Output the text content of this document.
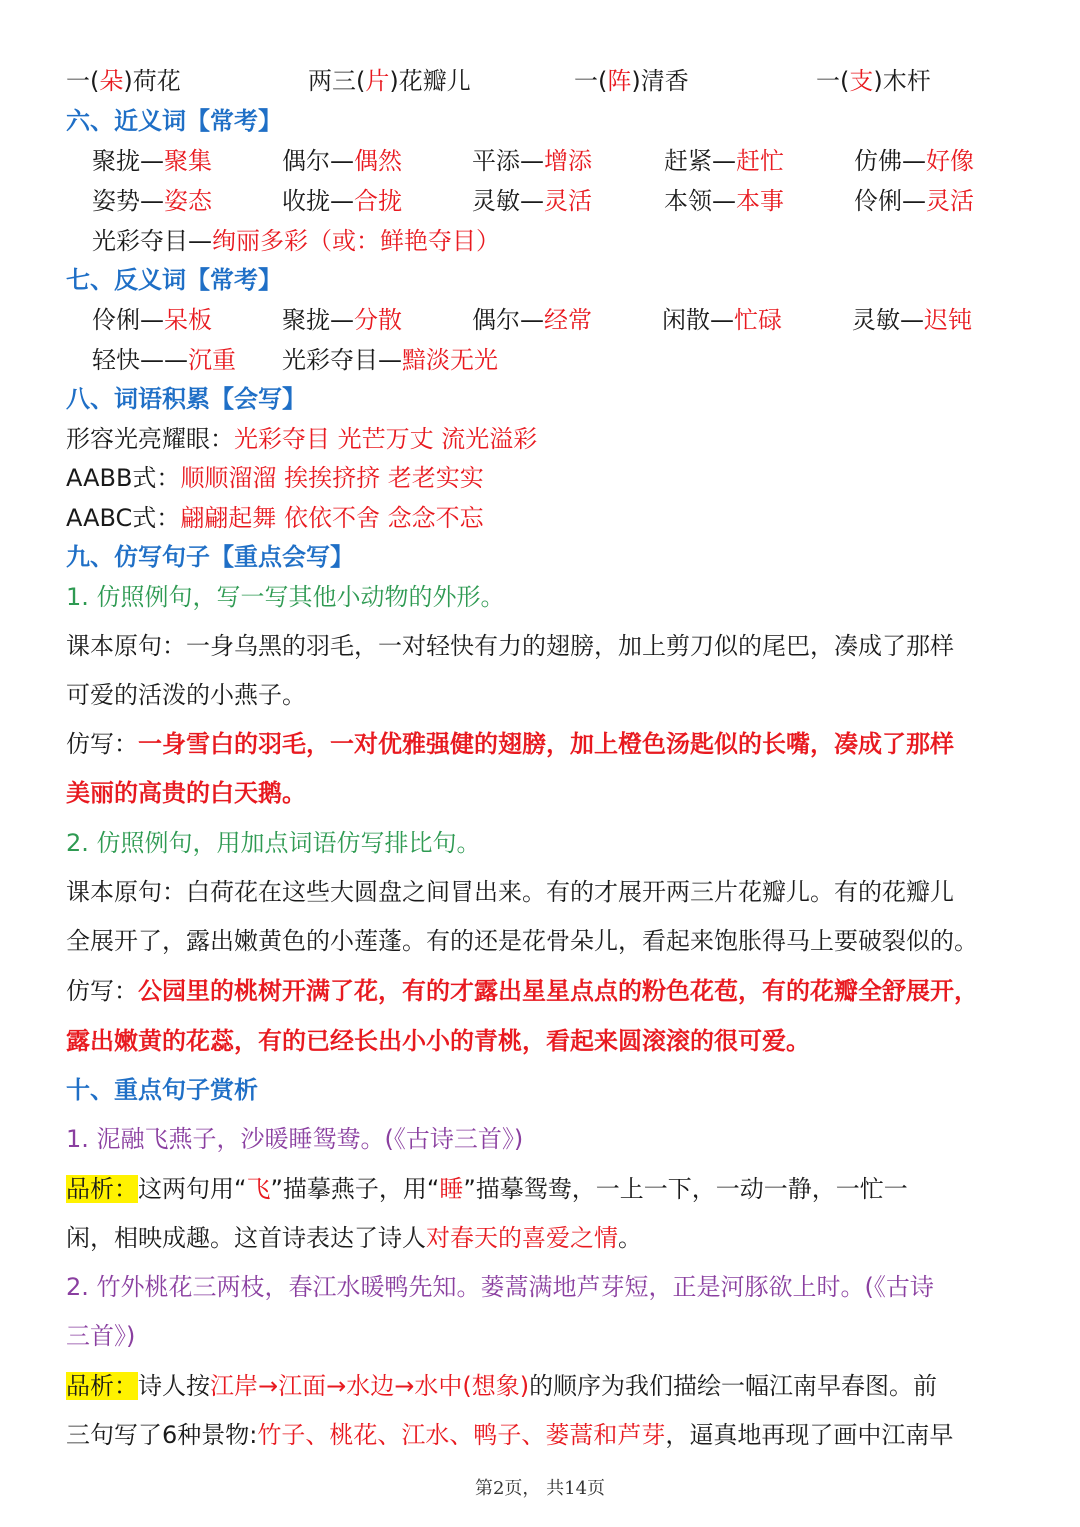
一(朵)荷花	两三(片)花瓣儿	一(阵)清香	一(支)木杆
六、近义词【常考】
聚拢—聚集	偶尔—偶然	平添—增添	赶紧—赶忙	仿佛—好像
姿势—姿态	收拢—合拢	灵敏—灵活	本领—本事	伶俐—灵活
光彩夺目—绚丽多彩（或：鲜艳夺目）
七、反义词【常考】
伶俐—呆板	聚拢—分散	偶尔—经常	闲散—忙碌	灵敏—迟钝
轻快——沉重 光彩夺目—黯淡无光
八、词语积累【会写】
形容光亮耀眼：光彩夺目 光芒万丈 流光溢彩
AABB式：顺顺溜溜 挨挨挤挤 老老实实
AABC式：翩翩起舞 依依不舍 念念不忘
九、仿写句子【重点会写】
1. 仿照例句，写一写其他小动物的外形。
课本原句：一身乌黑的羽毛，一对轻快有力的翅膀，加上剪刀似的尾巴，凑成了那样
可爱的活泼的小燕子。
仿写：一身雪白的羽毛，一对优雅强健的翅膀，加上橙色汤匙似的长嘴，凑成了那样
美丽的高贵的白天鹅。
2. 仿照例句，用加点词语仿写排比句。
课本原句：白荷花在这些大圆盘之间冒出来。有的才展开两三片花瓣儿。有的花瓣儿
全展开了，露出嫩黄色的小莲蓬。有的还是花骨朵儿，看起来饱胀得马上要破裂似的。
仿写：公园里的桃树开满了花，有的才露出星星点点的粉色花苞，有的花瓣全舒展开，
露出嫩黄的花蕊，有的已经长出小小的青桃，看起来圆滚滚的很可爱。
十、重点句子赏析
1. 泥融飞燕子，沙暖睡鸳鸯。(《古诗三首》)
品析：这两句用“飞”描摹燕子，用“睡”描摹鸳鸯，一上一下，一动一静，一忙一
闲，相映成趣。这首诗表达了诗人对春天的喜爱之情。
2. 竹外桃花三两枝，春江水暖鸭先知。蒌蒿满地芦芽短，正是河豚欲上时。(《古诗
三首》)
品析：诗人按江岸→江面→水边→水中(想象)的顺序为我们描绘一幅江南早春图。前
三句写了6种景物:竹子、桃花、江水、鸭子、蒌蒿和芦芽，逼真地再现了画中江南早
第2页， 共14页
